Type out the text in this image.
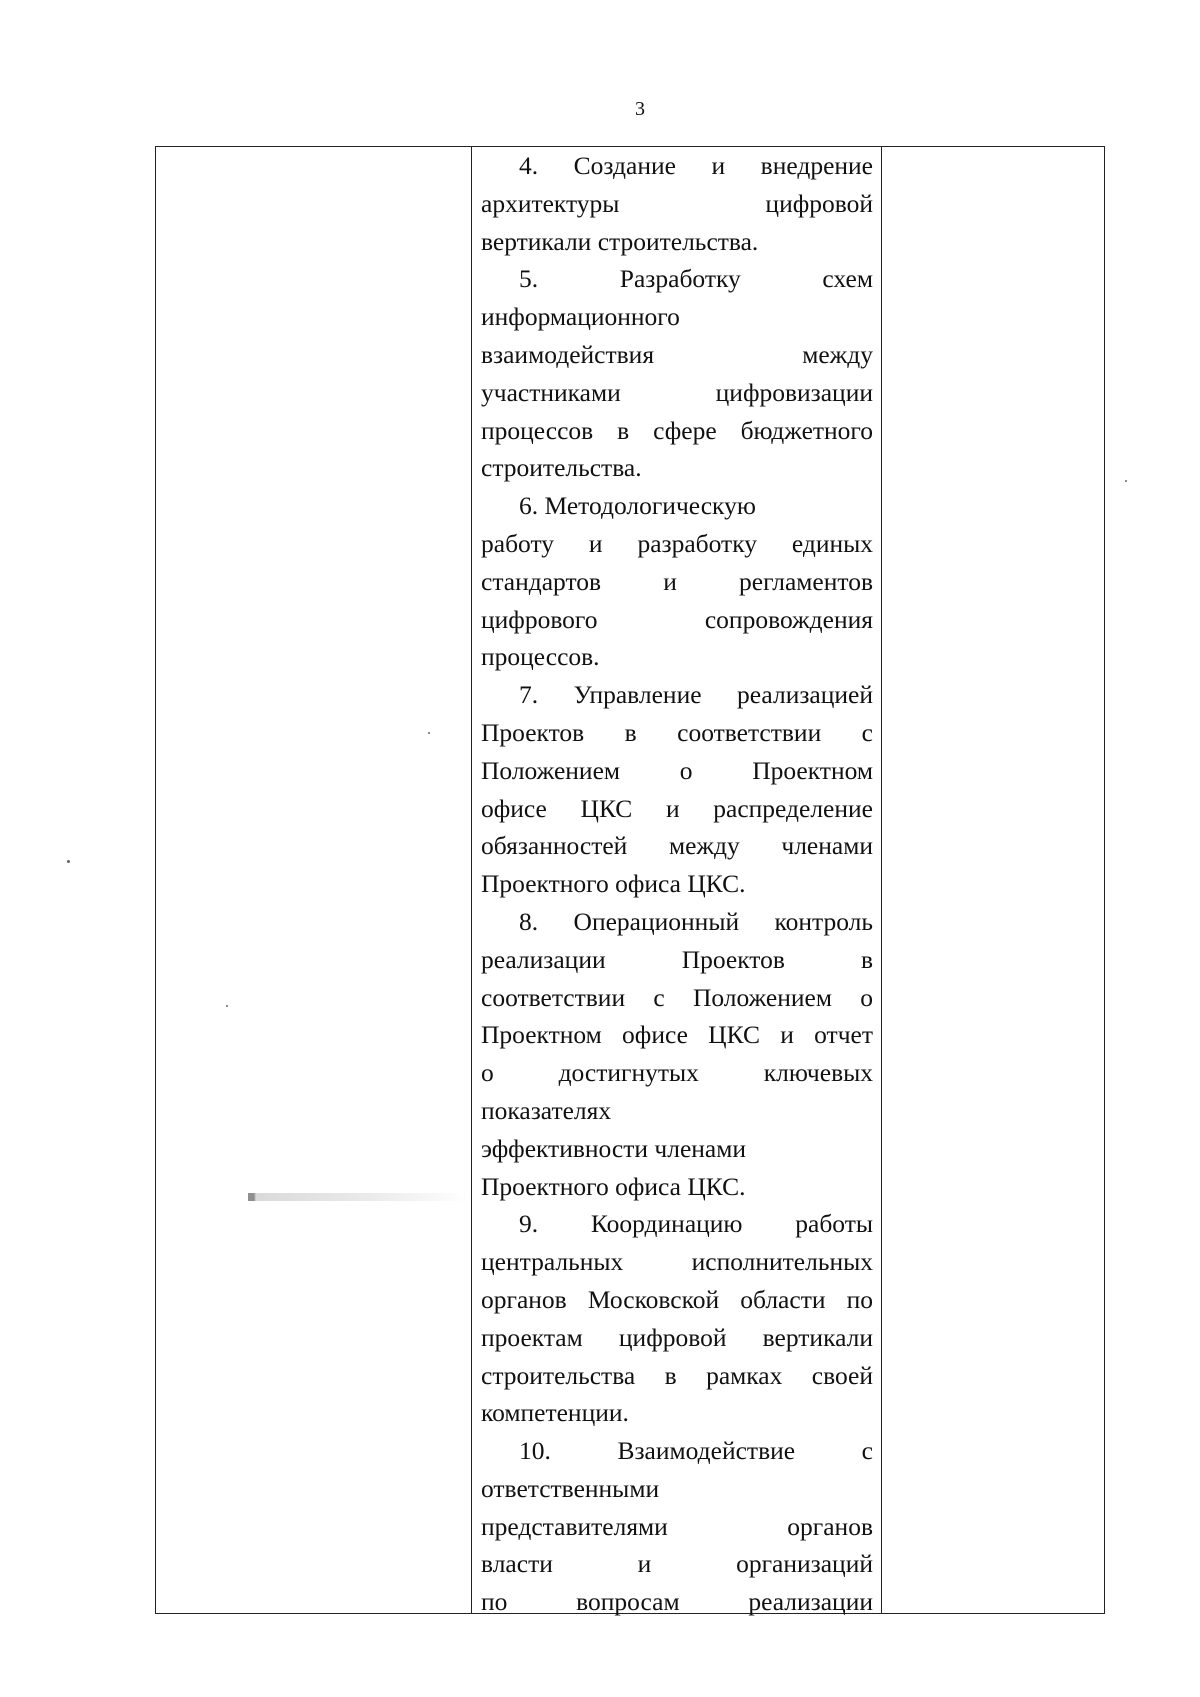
3
4. Создание и внедрение
архитектуры цифровой
вертикали строительства.
5. Разработку схем
информационного
взаимодействия между
участниками цифровизации
процессов в сфере бюджетного
строительства.
6. Методологическую
работу и разработку единых
стандартов и регламентов
цифрового сопровождения
процессов.
7. Управление реализацией
Проектов в соответствии с
Положением о Проектном
офисе ЦКС и распределение
обязанностей между членами
Проектного офиса ЦКС.
8. Операционный контроль
реализации Проектов в
соответствии с Положением о
Проектном офисе ЦКС и отчет
о достигнутых ключевых
показателях
эффективности членами
Проектного офиса ЦКС.
9. Координацию работы
центральных исполнительных
органов Московской области по
проектам цифровой вертикали
строительства в рамках своей
компетенции.
10. Взаимодействие с
ответственными
представителями органов
власти и организаций
по вопросам реализации
